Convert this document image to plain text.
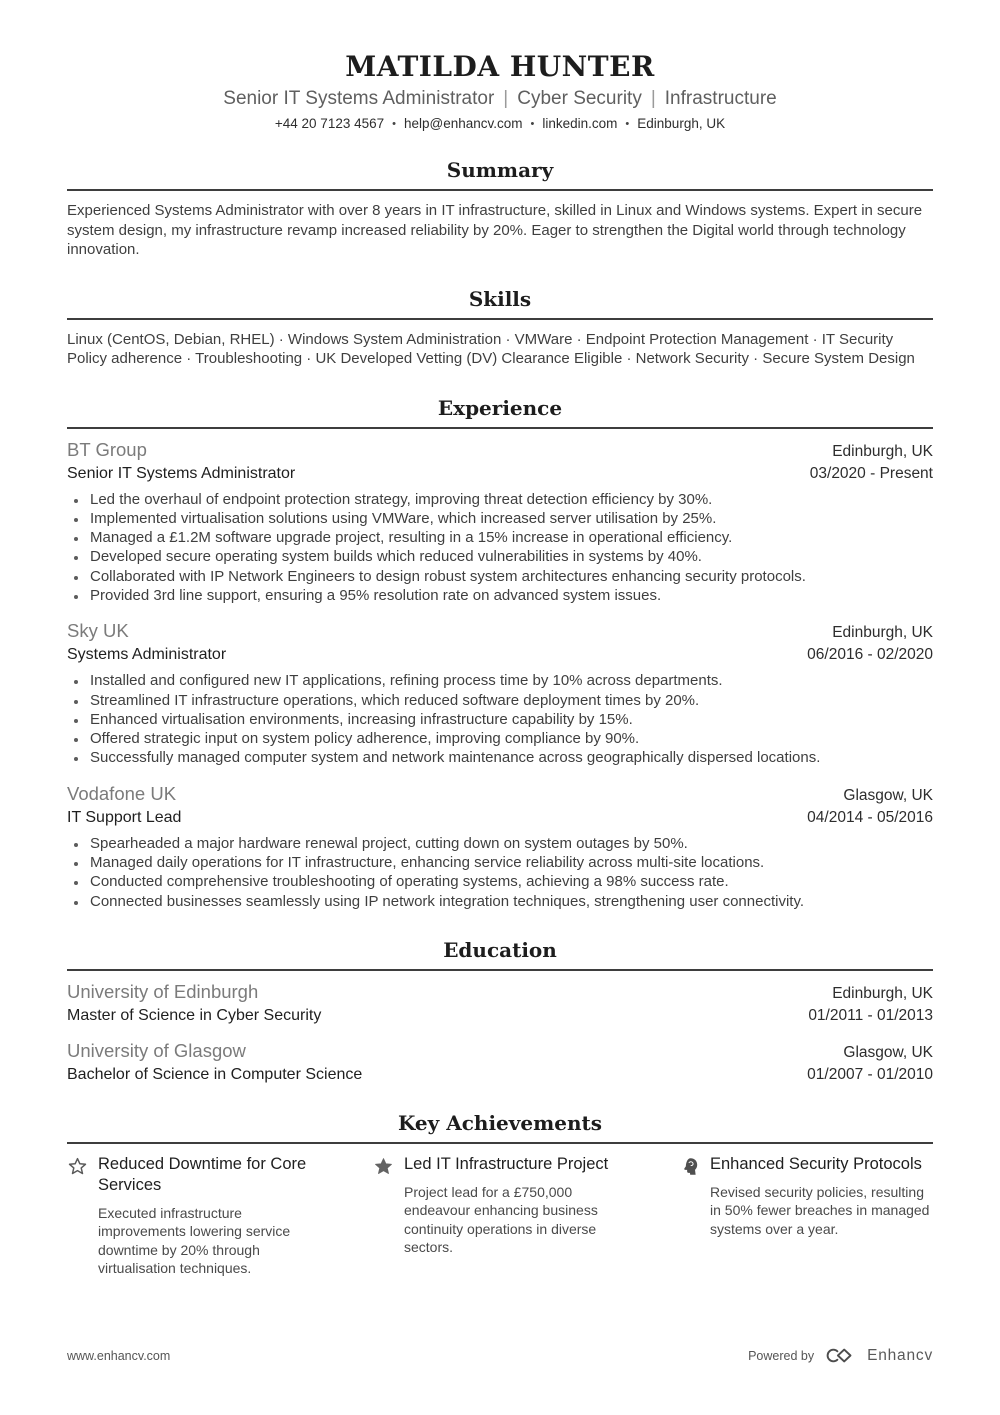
MATILDA HUNTER
Senior IT Systems Administrator | Cyber Security | Infrastructure
+44 20 7123 4567 • help@enhancv.com • linkedin.com • Edinburgh, UK
Summary

Experienced Systems Administrator with over 8 years in IT infrastructure, skilled in Linux and Windows systems. Expert in secure system design, my infrastructure revamp increased reliability by 20%. Eager to strengthen the Digital world through technology innovation.

Skills

Linux (CentOS, Debian, RHEL) · Windows System Administration · VMWare · Endpoint Protection Management · IT Security Policy adherence · Troubleshooting · UK Developed Vetting (DV) Clearance Eligible · Network Security · Secure System Design

Experience
BT Group	Edinburgh, UK
Senior IT Systems Administrator	03/2020 - Present
• Led the overhaul of endpoint protection strategy, improving threat detection efficiency by 30%.
• Implemented virtualisation solutions using VMWare, which increased server utilisation by 25%.
• Managed a £1.2M software upgrade project, resulting in a 15% increase in operational efficiency.
• Developed secure operating system builds which reduced vulnerabilities in systems by 40%.
• Collaborated with IP Network Engineers to design robust system architectures enhancing security protocols.
• Provided 3rd line support, ensuring a 95% resolution rate on advanced system issues.
Sky UK	Edinburgh, UK
Systems Administrator	06/2016 - 02/2020
• Installed and configured new IT applications, refining process time by 10% across departments.
• Streamlined IT infrastructure operations, which reduced software deployment times by 20%.
• Enhanced virtualisation environments, increasing infrastructure capability by 15%.
• Offered strategic input on system policy adherence, improving compliance by 90%.
• Successfully managed computer system and network maintenance across geographically dispersed locations.
Vodafone UK	Glasgow, UK
IT Support Lead	04/2014 - 05/2016
• Spearheaded a major hardware renewal project, cutting down on system outages by 50%.
• Managed daily operations for IT infrastructure, enhancing service reliability across multi-site locations.
• Conducted comprehensive troubleshooting of operating systems, achieving a 98% success rate.
• Connected businesses seamlessly using IP network integration techniques, strengthening user connectivity.
Education
University of Edinburgh	Edinburgh, UK
Master of Science in Cyber Security	01/2011 - 01/2013
University of Glasgow	Glasgow, UK
Bachelor of Science in Computer Science	01/2007 - 01/2010
Key Achievements
Reduced Downtime for Core Services
Executed infrastructure improvements lowering service downtime by 20% through virtualisation techniques.
Led IT Infrastructure Project
Project lead for a £750,000 endeavour enhancing business continuity operations in diverse sectors.
Enhanced Security Protocols
Revised security policies, resulting in 50% fewer breaches in managed systems over a year.
www.enhancv.com	Powered by	Enhancv
